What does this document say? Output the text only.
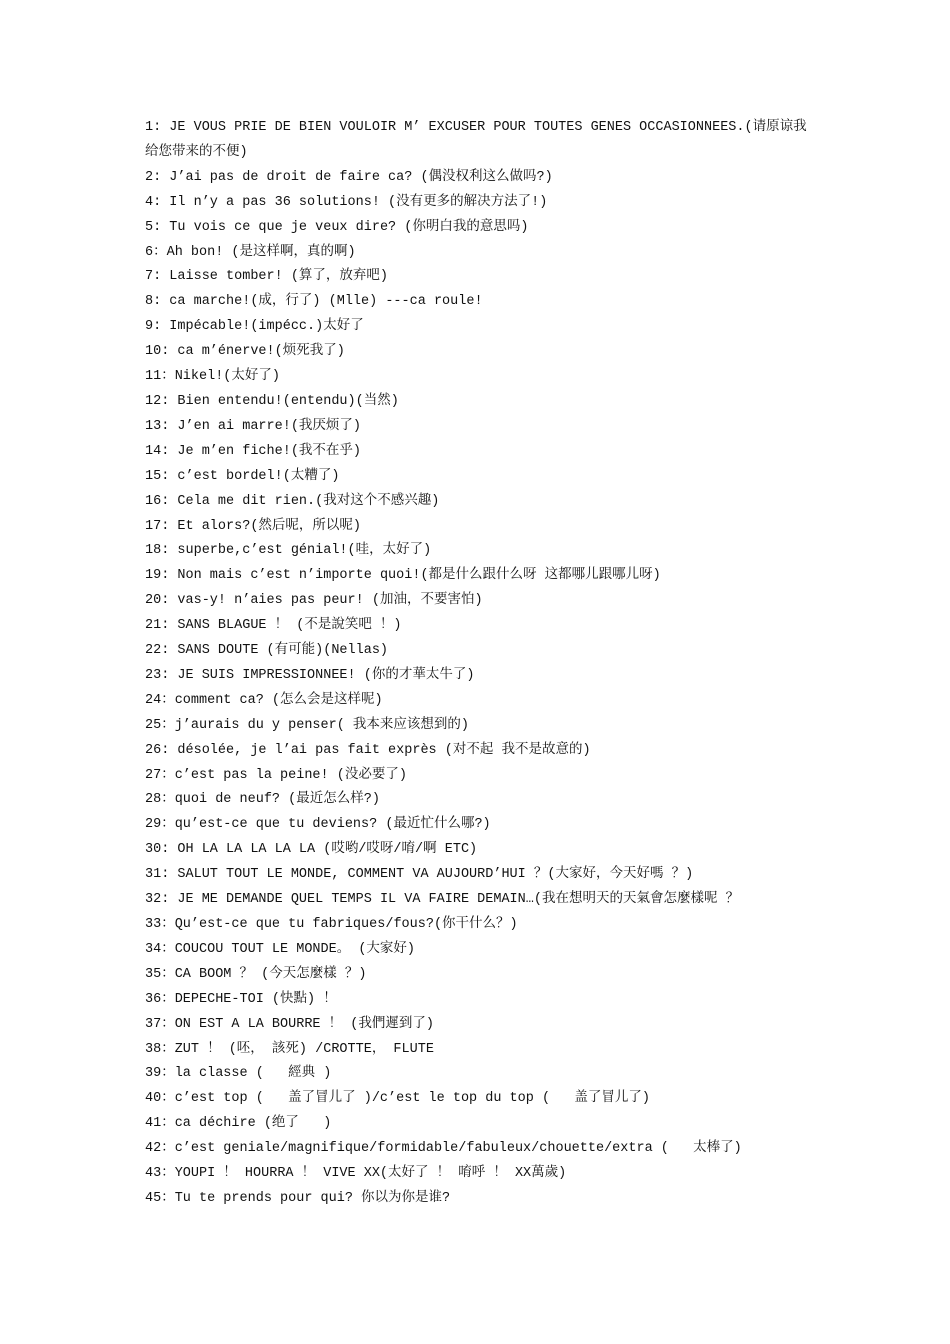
1: JE VOUS PRIE DE BIEN VOULOIR M’ EXCUSER POUR TOUTES GENES OCCASIONNEES.(请原谅我给您带来的不便)
2: J’ai pas de droit de faire ca? (偶没权利这么做吗?)
4: Il n’y a pas 36 solutions! (没有更多的解决方法了!)
5: Tu vois ce que je veux dire? (你明白我的意思吗)
6：Ah bon! (是这样啊，真的啊)
7: Laisse tomber! (算了，放弃吧)
8: ca marche!(成，行了) (Mlle) ---ca roule!
9: Impécable!(impécc.)太好了
10: ca m’énerve!(烦死我了)
11：Nikel!(太好了)
12: Bien entendu!(entendu)(当然)
13: J’en ai marre!(我厌烦了)
14: Je m’en fiche!(我不在乎)
15: c’est bordel!(太糟了)
16: Cela me dit rien.(我对这个不感兴趣)
17: Et alors?(然后呢，所以呢)
18: superbe,c’est génial!(哇，太好了)
19: Non mais c’est n’importe quoi!(都是什么跟什么呀 这都哪儿跟哪儿呀)
20: vas-y! n’aies pas peur! (加油，不要害怕)
21: SANS BLAGUE ！ (不是說笑吧 ！)
22: SANS DOUTE (有可能)(Nellas)
23: JE SUIS IMPRESSIONNEE! (你的才華太牛了)
24：comment ca? (怎么会是这样呢)
25：j’aurais du y penser( 我本来应该想到的)
26: désolée, je l’ai pas fait exprès (对不起 我不是故意的)
27：c’est pas la peine! (没必要了)
28：quoi de neuf? (最近怎么样?)
29：qu’est-ce que tu deviens? (最近忙什么哪?)
30: OH LA LA LA LA LA (哎哟/哎呀/唷/啊 ETC)
31: SALUT TOUT LE MONDE, COMMENT VA AUJOURD’HUI ？(大家好，今天好嗎 ？)
32: JE ME DEMANDE QUEL TEMPS IL VA FAIRE DEMAIN…(我在想明天的天氣會怎麼樣呢 ？
33：Qu’est-ce que tu fabriques/fous?(你干什么？)
34：COUCOU TOUT LE MONDE。 (大家好)
35：CA BOOM ？ (今天怎麼樣 ？)
36：DEPECHE-TOI (快點) ！
37：ON EST A LA BOURRE ！ (我們遲到了)
38：ZUT ！ (呸， 該死) /CROTTE， FLUTE
39：la classe (   經典 )
40：c’est top (   盖了冒儿了 )/c’est le top du top (   盖了冒儿了)
41：ca déchire (绝了   )
42：c’est geniale/magnifique/formidable/fabuleux/chouette/extra (   太棒了)
43：YOUPI ！ HOURRA ！ VIVE XX(太好了 ！ 唷呼 ！ XX萬歲)
45：Tu te prends pour qui? 你以为你是谁?
